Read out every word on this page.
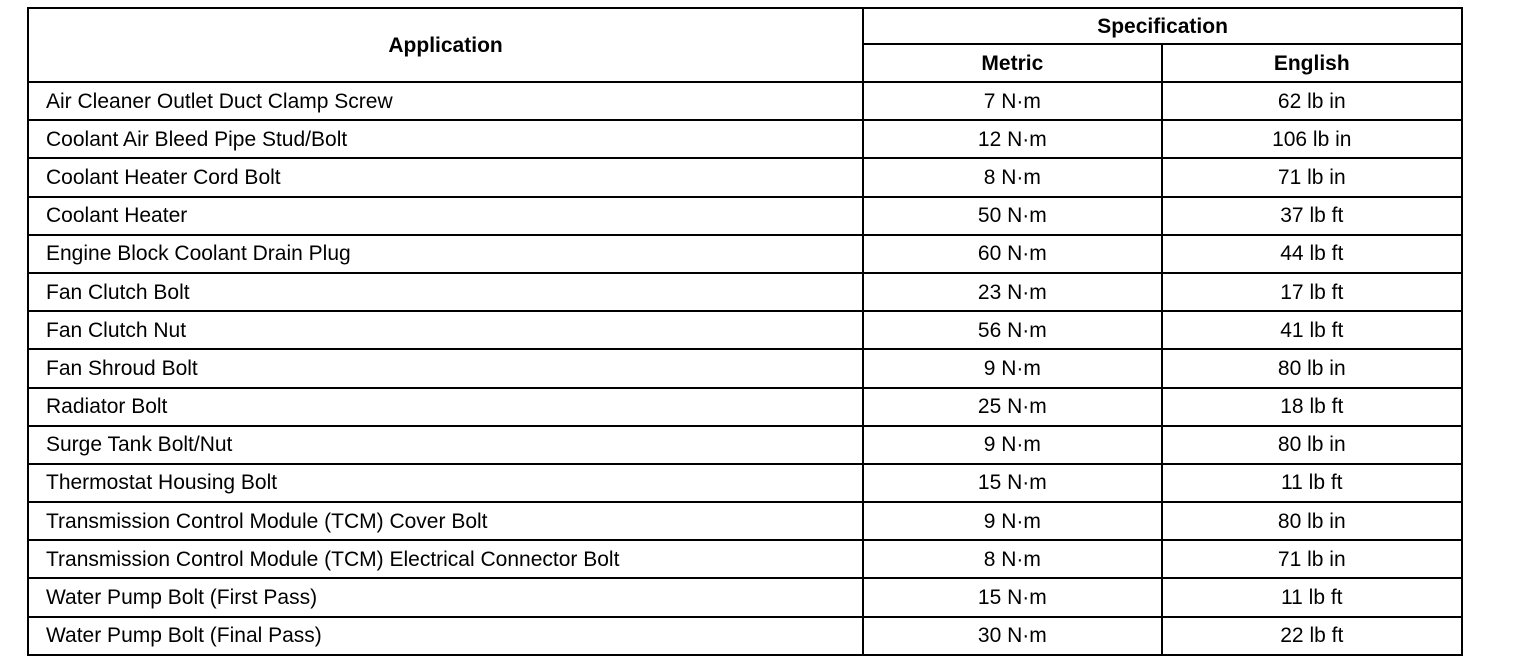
Application	Specification	
	Metric	English
Air Cleaner Outlet Duct Clamp Screw	7 N·m	62 lb in
Coolant Air Bleed Pipe Stud/Bolt	12 N·m	106 lb in
Coolant Heater Cord Bolt	8 N·m	71 lb in
Coolant Heater	50 N·m	37 lb ft
Engine Block Coolant Drain Plug	60 N·m	44 lb ft
Fan Clutch Bolt	23 N·m	17 lb ft
Fan Clutch Nut	56 N·m	41 lb ft
Fan Shroud Bolt	9 N·m	80 lb in
Radiator Bolt	25 N·m	18 lb ft
Surge Tank Bolt/Nut	9 N·m	80 lb in
Thermostat Housing Bolt	15 N·m	11 lb ft
Transmission Control Module (TCM) Cover Bolt	9 N·m	80 lb in
Transmission Control Module (TCM) Electrical Connector Bolt	8 N·m	71 lb in
Water Pump Bolt (First Pass)	15 N·m	11 lb ft
Water Pump Bolt (Final Pass)	30 N·m	22 lb ft
